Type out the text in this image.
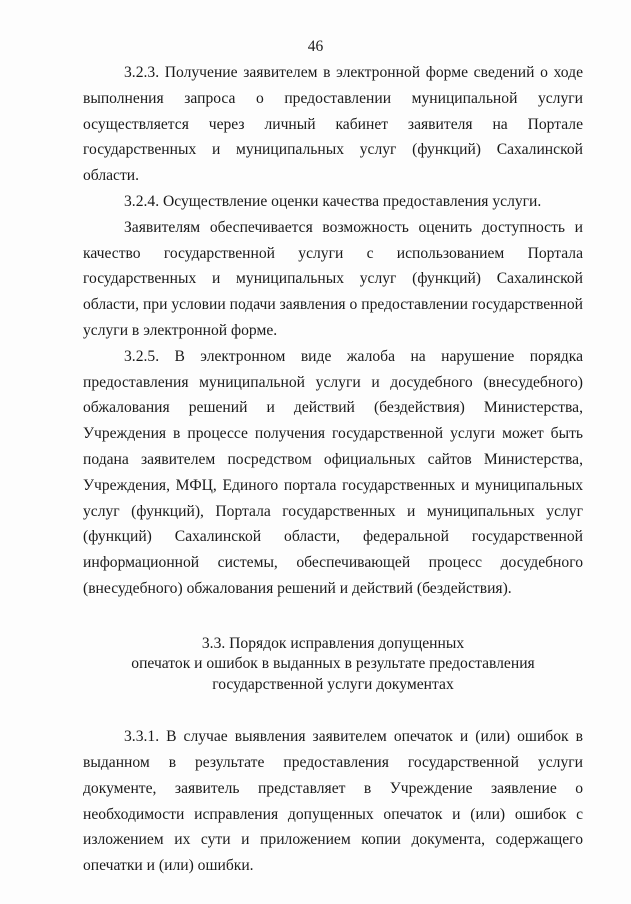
46

3.2.3. Получение заявителем в электронной форме сведений о ходе выполнения запроса о предоставлении муниципальной услуги осуществляется через личный кабинет заявителя на Портале государственных и муниципальных услуг (функций) Сахалинской области.

3.2.4. Осуществление оценки качества предоставления услуги.

Заявителям обеспечивается возможность оценить доступность и качество государственной услуги с использованием Портала государственных и муниципальных услуг (функций) Сахалинской области, при условии подачи заявления о предоставлении государственной услуги в электронной форме.

3.2.5. В электронном виде жалоба на нарушение порядка предоставления муниципальной услуги и досудебного (внесудебного) обжалования решений и действий (бездействия) Министерства, Учреждения в процессе получения государственной услуги может быть подана заявителем посредством официальных сайтов Министерства, Учреждения, МФЦ, Единого портала государственных и муниципальных услуг (функций), Портала государственных и муниципальных услуг (функций) Сахалинской области, федеральной государственной информационной системы, обеспечивающей процесс досудебного (внесудебного) обжалования решений и действий (бездействия).

3.3. Порядок исправления допущенных
опечаток и ошибок в выданных в результате предоставления
государственной услуги документах

3.3.1. В случае выявления заявителем опечаток и (или) ошибок в выданном в результате предоставления государственной услуги документе, заявитель представляет в Учреждение заявление о необходимости исправления допущенных опечаток и (или) ошибок с изложением их сути и приложением копии документа, содержащего опечатки и (или) ошибки.
